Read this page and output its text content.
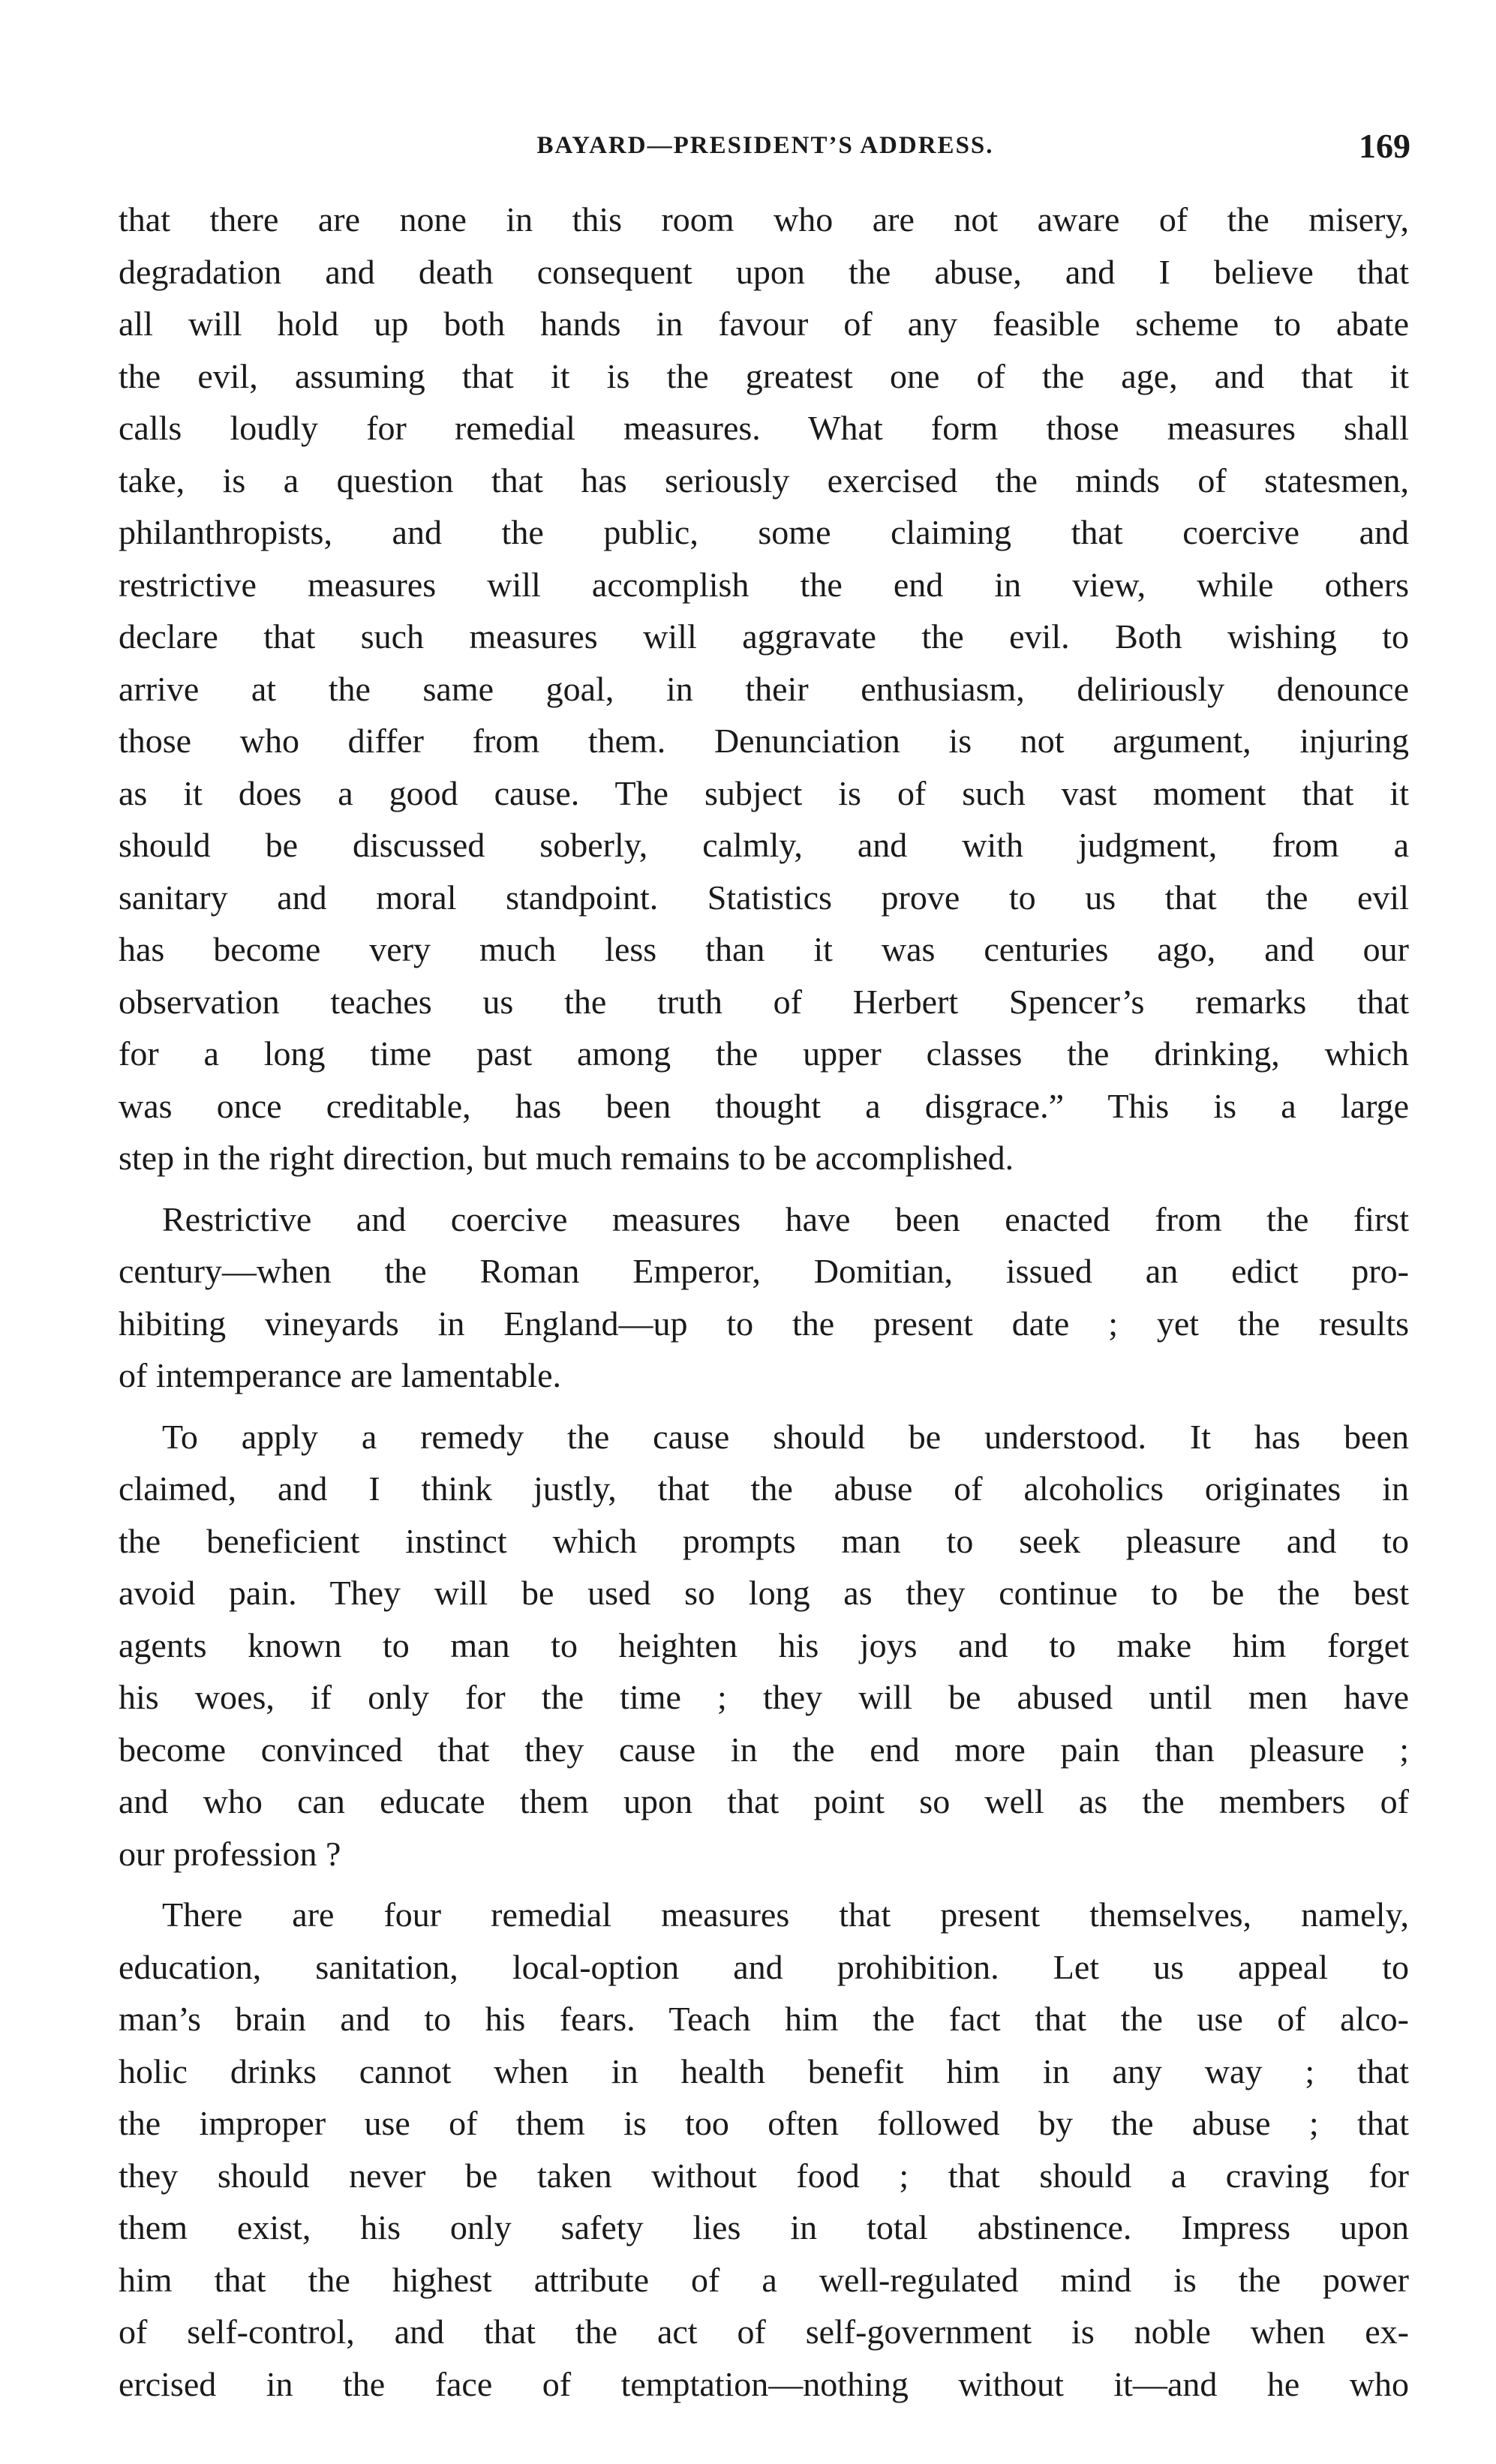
BAYARD—PRESIDENT’S ADDRESS.	169
that there are none in this room who are not aware of the misery,
degradation and death consequent upon the abuse, and I believe that
all will hold up both hands in favour of any feasible scheme to abate
the evil, assuming that it is the greatest one of the age, and that it
calls loudly for remedial measures. What form those measures shall
take, is a question that has seriously exercised the minds of statesmen,
philanthropists, and the public, some claiming that coercive and
restrictive measures will accomplish the end in view, while others
declare that such measures will aggravate the evil. Both wishing to
arrive at the same goal, in their enthusiasm, deliriously denounce
those who differ from them. Denunciation is not argument, injuring
as it does a good cause. The subject is of such vast moment that it
should be discussed soberly, calmly, and with judgment, from a
sanitary and moral standpoint. Statistics prove to us that the evil
has become very much less than it was centuries ago, and our
observation teaches us the truth of Herbert Spencer’s remarks that
for a long time past among the upper classes the drinking, which
was once creditable, has been thought a disgrace.” This is a large
step in the right direction, but much remains to be accomplished.
Restrictive and coercive measures have been enacted from the first
century—when the Roman Emperor, Domitian, issued an edict pro-
hibiting vineyards in England—up to the present date ; yet the results
of intemperance are lamentable.
To apply a remedy the cause should be understood. It has been
claimed, and I think justly, that the abuse of alcoholics originates in
the beneficient instinct which prompts man to seek pleasure and to
avoid pain. They will be used so long as they continue to be the best
agents known to man to heighten his joys and to make him forget
his woes, if only for the time ; they will be abused until men have
become convinced that they cause in the end more pain than pleasure ;
and who can educate them upon that point so well as the members of
our profession ?
There are four remedial measures that present themselves, namely,
education, sanitation, local-option and prohibition. Let us appeal to
man’s brain and to his fears. Teach him the fact that the use of alco-
holic drinks cannot when in health benefit him in any way ; that
the improper use of them is too often followed by the abuse ; that
they should never be taken without food ; that should a craving for
them exist, his only safety lies in total abstinence. Impress upon
him that the highest attribute of a well-regulated mind is the power
of self-control, and that the act of self-government is noble when ex-
ercised in the face of temptation—nothing without it—and he who
